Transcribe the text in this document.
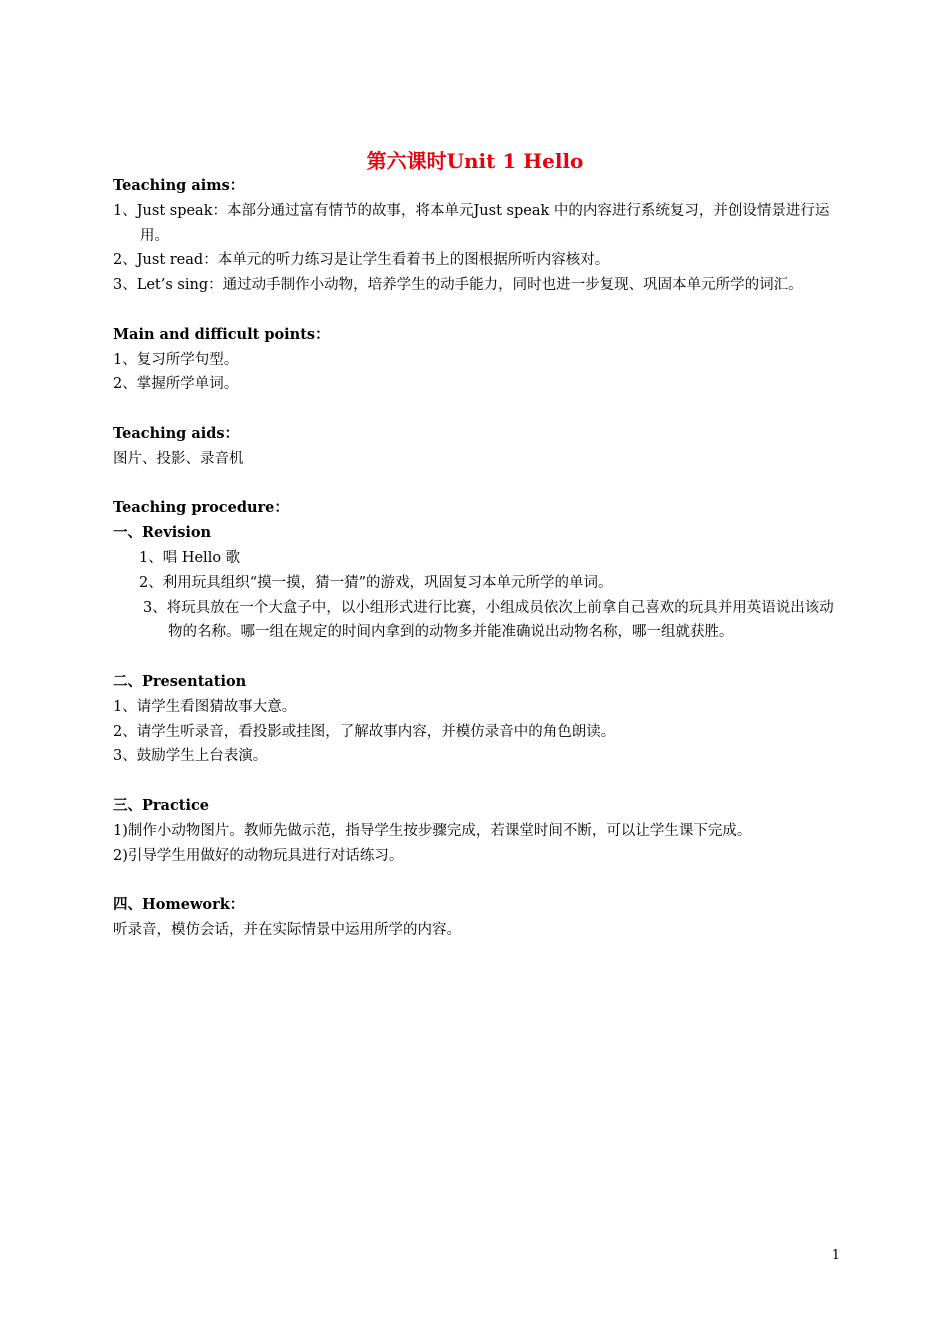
第六课时Unit 1 Hello
Teaching aims：
1、Just speak：本部分通过富有情节的故事，将本单元Just speak 中的内容进行系统复习，并创设情景进行运用。
2、Just read：本单元的听力练习是让学生看着书上的图根据所听内容核对。
3、Let’s sing：通过动手制作小动物，培养学生的动手能力，同时也进一步复现、巩固本单元所学的词汇。
Main and difficult points：
1、复习所学句型。
2、掌握所学单词。
Teaching aids：
图片、投影、录音机
Teaching procedure：
一、Revision
1、唱 Hello 歌
2、利用玩具组织“摸一摸，猜一猜”的游戏，巩固复习本单元所学的单词。
3、将玩具放在一个大盒子中，以小组形式进行比赛，小组成员依次上前拿自己喜欢的玩具并用英语说出该动物的名称。哪一组在规定的时间内拿到的动物多并能准确说出动物名称，哪一组就获胜。
二、Presentation
1、请学生看图猜故事大意。
2、请学生听录音，看投影或挂图，了解故事内容，并模仿录音中的角色朗读。
3、鼓励学生上台表演。
三、Practice
1)制作小动物图片。教师先做示范，指导学生按步骤完成，若课堂时间不断，可以让学生课下完成。
2)引导学生用做好的动物玩具进行对话练习。
四、Homework：
听录音，模仿会话，并在实际情景中运用所学的内容。
1
